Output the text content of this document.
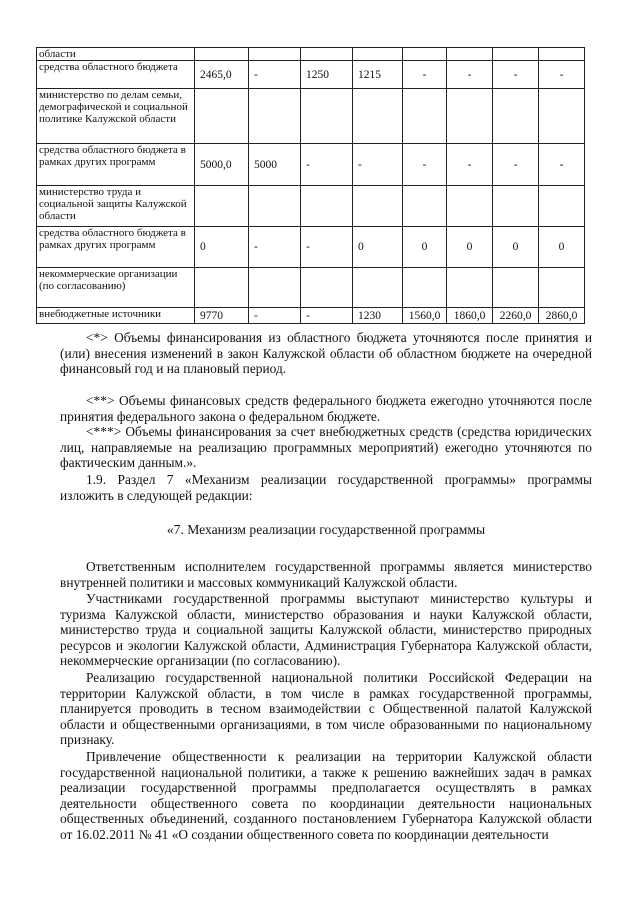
области								
средства областного бюджета	2465,0	-	1250	1215	-	-	-	-
министерство по делам семьи, демографической и социальной политике Калужской области								
средства областного бюджета в рамках других программ	5000,0	5000	-	-	-	-	-	-
министерство труда и социальной защиты Калужской области								
средства областного бюджета в рамках других программ	0	-	-	0	0	0	0	0
некоммерческие организации (по согласованию)								
внебюджетные источники	9770	-	-	1230	1560,0	1860,0	2260,0	2860,0

<*> Объемы финансирования из областного бюджета уточняются после принятия и (или) внесения изменений в закон Калужской области об областном бюджете на очередной финансовый год и на плановый период.

<**> Объемы финансовых средств федерального бюджета ежегодно уточняются после принятия федерального закона о федеральном бюджете.

<***> Объемы финансирования за счет внебюджетных средств (средства юридических лиц, направляемые на реализацию программных мероприятий) ежегодно уточняются по фактическим данным.».

1.9. Раздел 7 «Механизм реализации государственной программы» программы изложить в следующей редакции:

«7. Механизм реализации государственной программы

Ответственным исполнителем государственной программы является министерство внутренней политики и массовых коммуникаций Калужской области.

Участниками государственной программы выступают министерство культуры и туризма Калужской области, министерство образования и науки Калужской области, министерство труда и социальной защиты Калужской области, министерство природных ресурсов и экологии Калужской области, Администрация Губернатора Калужской области, некоммерческие организации (по согласованию).

Реализацию государственной национальной политики Российской Федерации на территории Калужской области, в том числе в рамках государственной программы, планируется проводить в тесном взаимодействии с Общественной палатой Калужской области и общественными организациями, в том числе образованными по национальному признаку.

Привлечение общественности к реализации на территории Калужской области государственной национальной политики, а также к решению важнейших задач в рамках реализации государственной программы предполагается осуществлять в рамках деятельности общественного совета по координации деятельности национальных общественных объединений, созданного постановлением Губернатора Калужской области от 16.02.2011 № 41 «О создании общественного совета по координации деятельности
